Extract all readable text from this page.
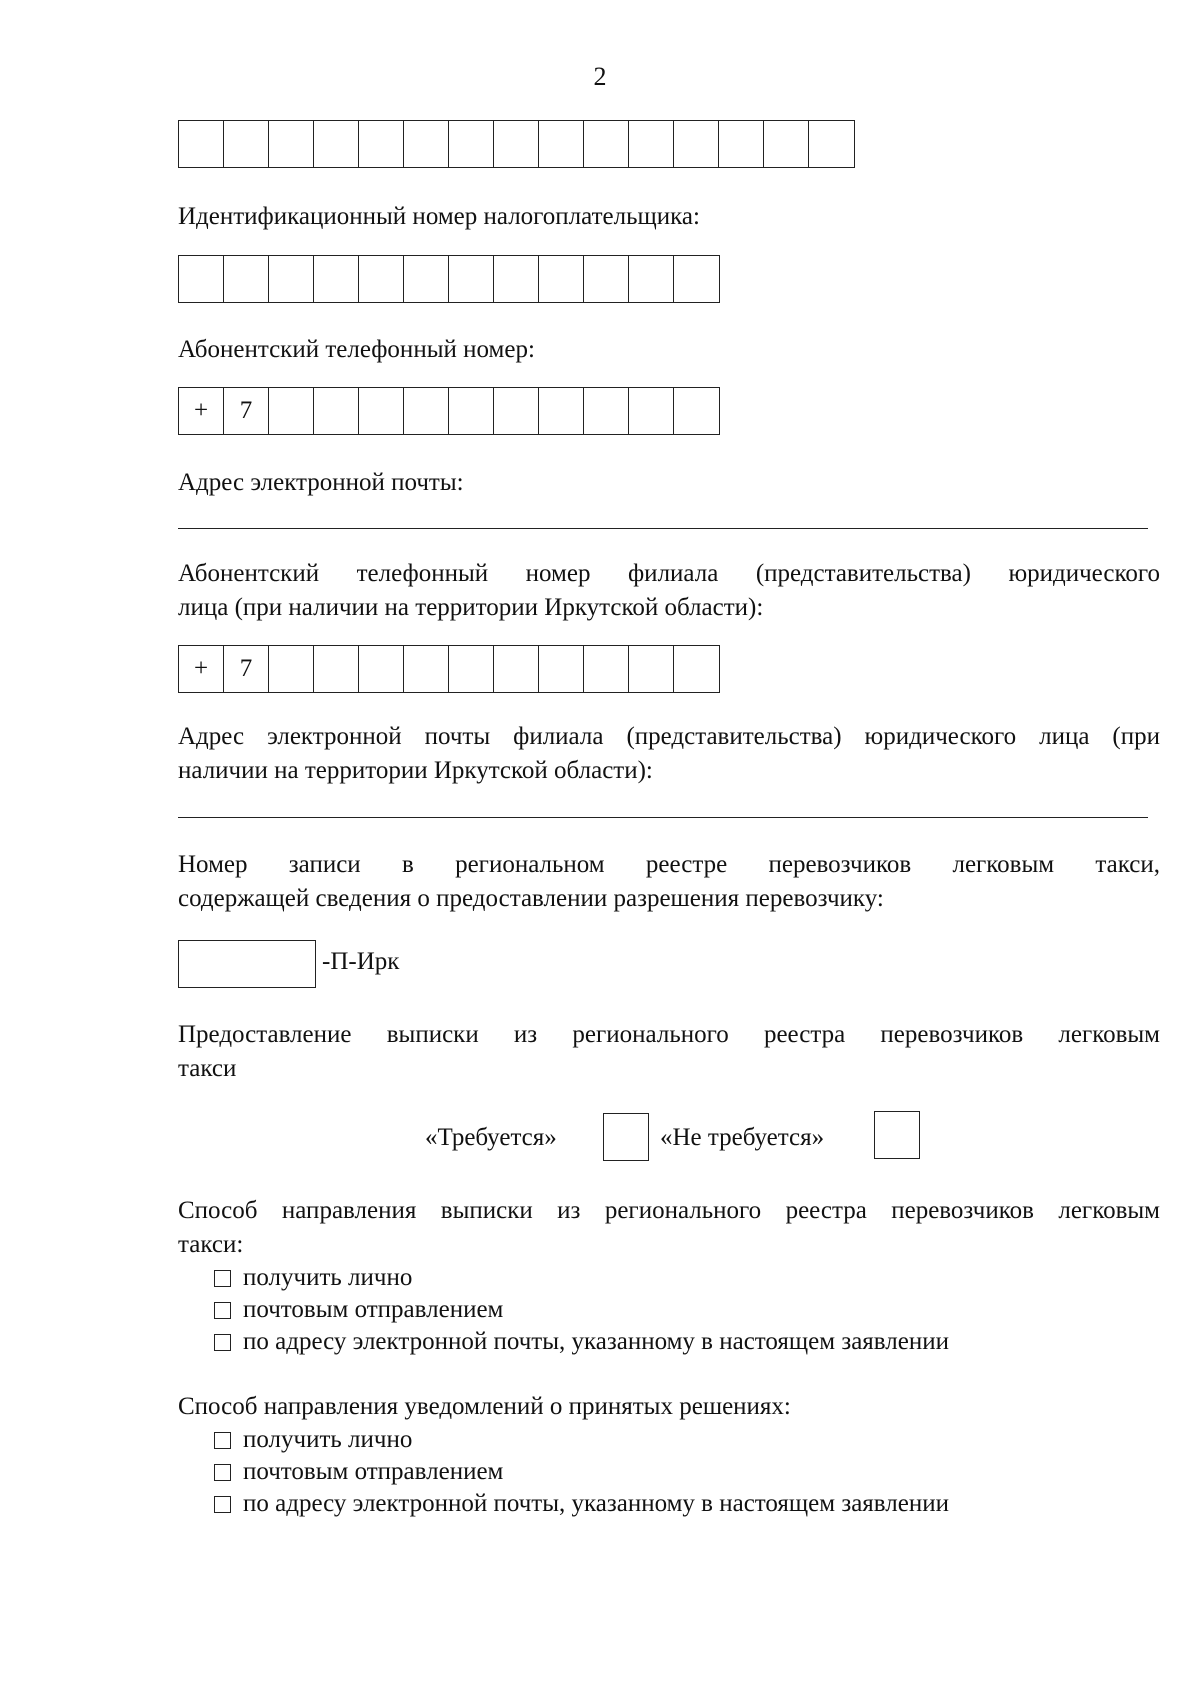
2
Идентификационный номер налогоплательщика:
Абонентский телефонный номер:
+	7
Адрес электронной почты:
Абонентский телефонный номер филиала (представительства) юридического
лица (при наличии на территории Иркутской области):
+	7
Адрес электронной почты филиала (представительства) юридического лица (при
наличии на территории Иркутской области):
Номер записи в региональном реестре перевозчиков легковым такси,
содержащей сведения о предоставлении разрешения перевозчику:
-П-Ирк
Предоставление выписки из регионального реестра перевозчиков легковым
такси
«Требуется»	«Не требуется»
Способ направления выписки из регионального реестра перевозчиков легковым
такси:
получить лично
почтовым отправлением
по адресу электронной почты, указанному в настоящем заявлении
Способ направления уведомлений о принятых решениях:
получить лично
почтовым отправлением
по адресу электронной почты, указанному в настоящем заявлении
